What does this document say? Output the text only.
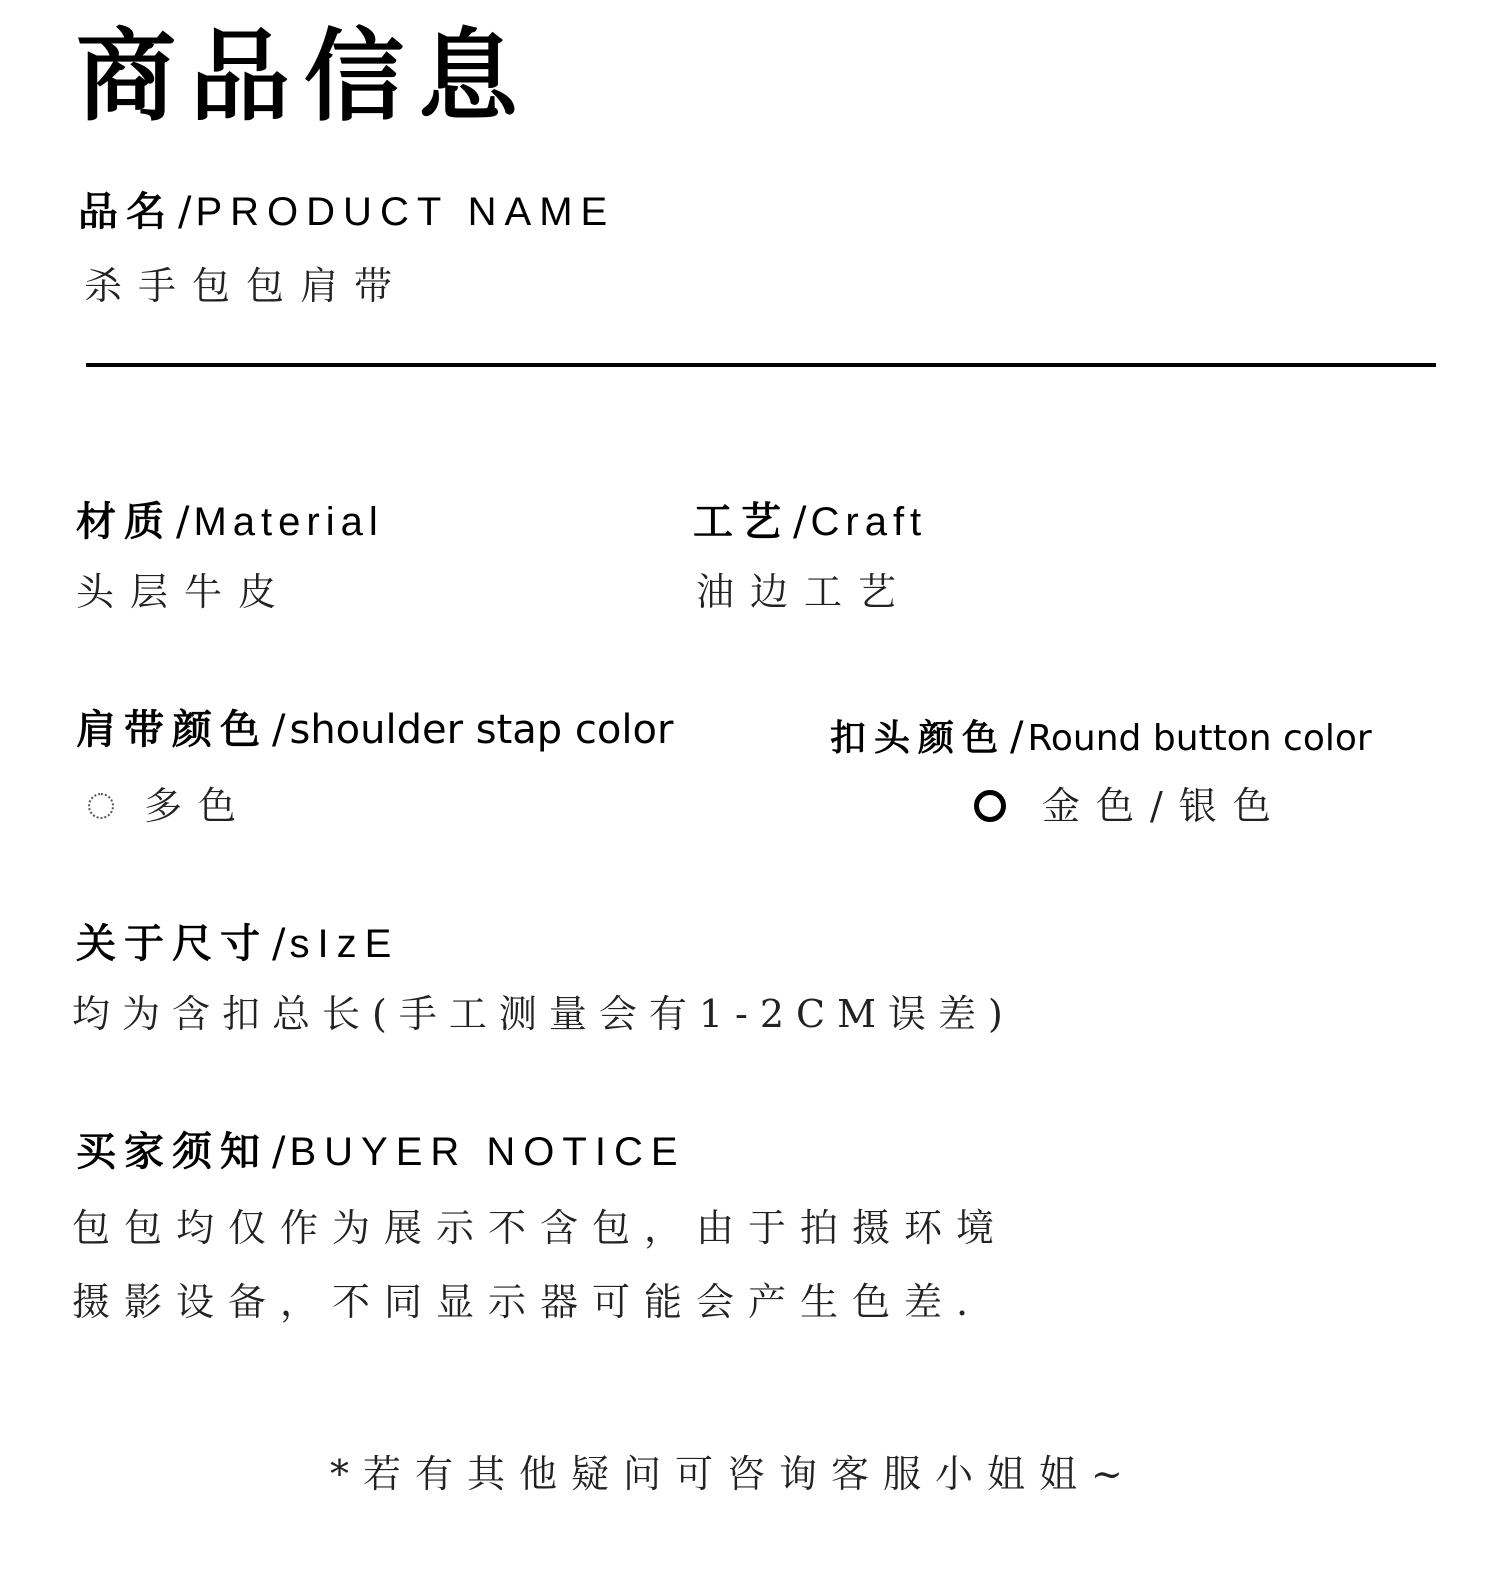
商品信息
品名 / PRODUCT NAME
杀手包包肩带
材质 / Material
头层牛皮
工艺 / Craft
油边工艺
肩带颜色 / shoulder stap color
多色
扣头颜色 / Round button color
金色/银色
关于尺寸 / sIzE
均为含扣总长(手工测量会有1-2CM误差)
买家须知 / BUYER NOTICE
包包均仅作为展示不含包，由于拍摄环境
摄影设备，不同显示器可能会产生色差.
*若有其他疑问可咨询客服小姐姐~
